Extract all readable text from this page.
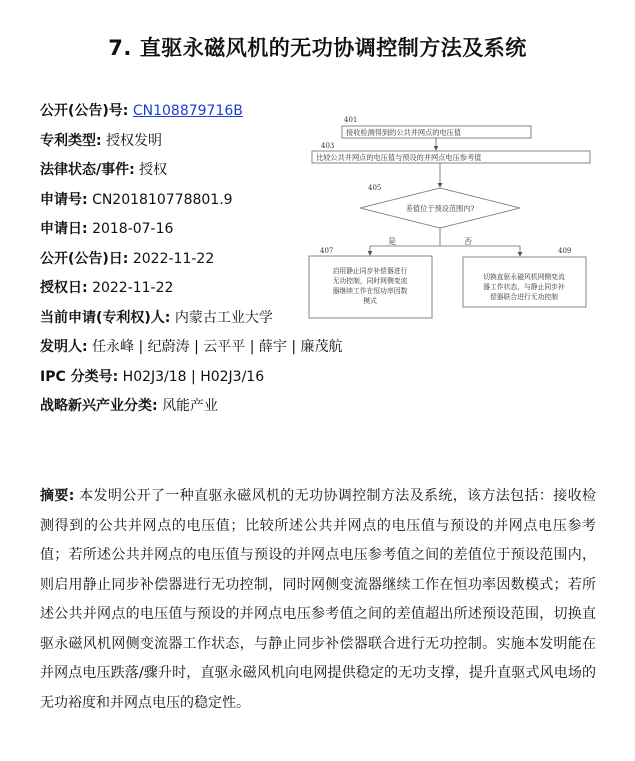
7. 直驱永磁风机的无功协调控制方法及系统
公开(公告)号: CN108879716B
专利类型: 授权发明
法律状态/事件: 授权
申请号: CN201810778801.9
申请日: 2018-07-16
公开(公告)日: 2022-11-22
授权日: 2022-11-22
当前申请(专利权)人: 内蒙古工业大学
发明人: 任永峰 | 纪蔚涛 | 云平平 | 薛宇 | 廉茂航
IPC 分类号: H02J3/18 | H02J3/16
战略新兴产业分类: 风能产业
401
接收检测得到的公共并网点的电压值
403
比较公共并网点的电压值与预设的并网点电压参考值
405
差值位于预设范围内?
是	否
407
启用静止同步补偿器进行
无功控制，同时网侧变流
器继续工作在恒功率因数
模式
409
切换直驱永磁风机网侧变流
器工作状态，与静止同步补
偿器联合进行无功控制
摘要: 本发明公开了一种直驱永磁风机的无功协调控制方法及系统，该方法包括：接收检测得到的公共并网点的电压值；比较所述公共并网点的电压值与预设的并网点电压参考值；若所述公共并网点的电压值与预设的并网点电压参考值之间的差值位于预设范围内，则启用静止同步补偿器进行无功控制，同时网侧变流器继续工作在恒功率因数模式；若所述公共并网点的电压值与预设的并网点电压参考值之间的差值超出所述预设范围，切换直驱永磁风机网侧变流器工作状态，与静止同步补偿器联合进行无功控制。实施本发明能在并网点电压跌落/骤升时，直驱永磁风机向电网提供稳定的无功支撑，提升直驱式风电场的无功裕度和并网点电压的稳定性。
